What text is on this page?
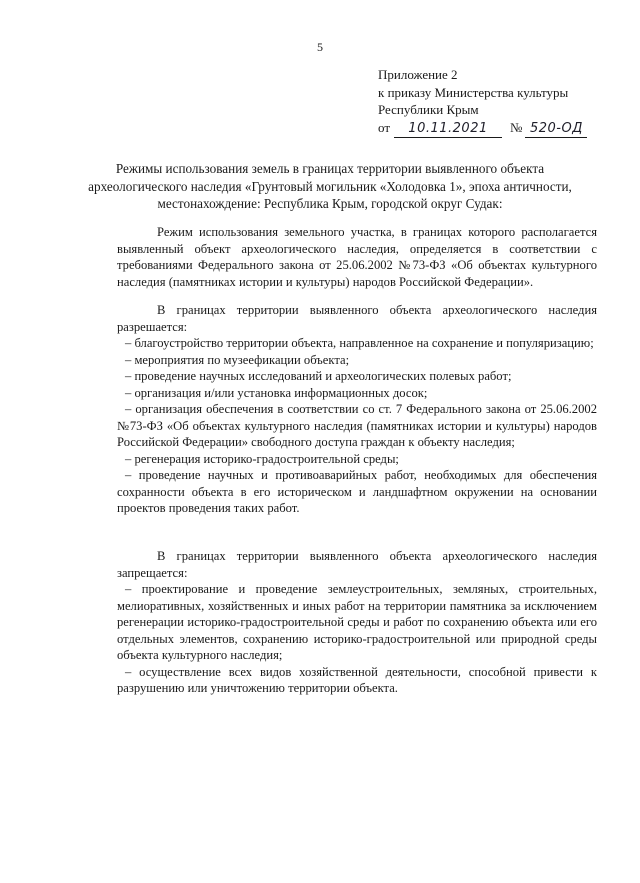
5
Приложение 2
к приказу Министерства культуры
Республики Крым
от 10.11.2021 № 520-ОД
Режимы использования земель в границах территории выявленного объекта археологического наследия «Грунтовый могильник «Холодовка 1», эпоха античности, местонахождение: Республика Крым, городской округ Судак:

Режим использования земельного участка, в границах которого располагается выявленный объект археологического наследия, определяется в соответствии с требованиями Федерального закона от 25.06.2002 №73-ФЗ «Об объектах культурного наследия (памятниках истории и культуры) народов Российской Федерации».

В границах территории выявленного объекта археологического наследия разрешается:

– благоустройство территории объекта, направленное на сохранение и популяризацию;

– мероприятия по музеефикации объекта;

– проведение научных исследований и археологических полевых работ;

– организация и/или установка информационных досок;

– организация обеспечения в соответствии со ст. 7 Федерального закона от 25.06.2002 №73-ФЗ «Об объектах культурного наследия (памятниках истории и культуры) народов Российской Федерации» свободного доступа граждан к объекту наследия;

– регенерация историко-градостроительной среды;

– проведение научных и противоаварийных работ, необходимых для обеспечения сохранности объекта в его историческом и ландшафтном окружении на основании проектов проведения таких работ.

В границах территории выявленного объекта археологического наследия запрещается:

– проектирование и проведение землеустроительных, земляных, строительных, мелиоративных, хозяйственных и иных работ на территории памятника за исключением регенерации историко-градостроительной среды и работ по сохранению объекта или его отдельных элементов, сохранению историко-градостроительной или природной среды объекта культурного наследия;

– осуществление всех видов хозяйственной деятельности, способной привести к разрушению или уничтожению территории объекта.
